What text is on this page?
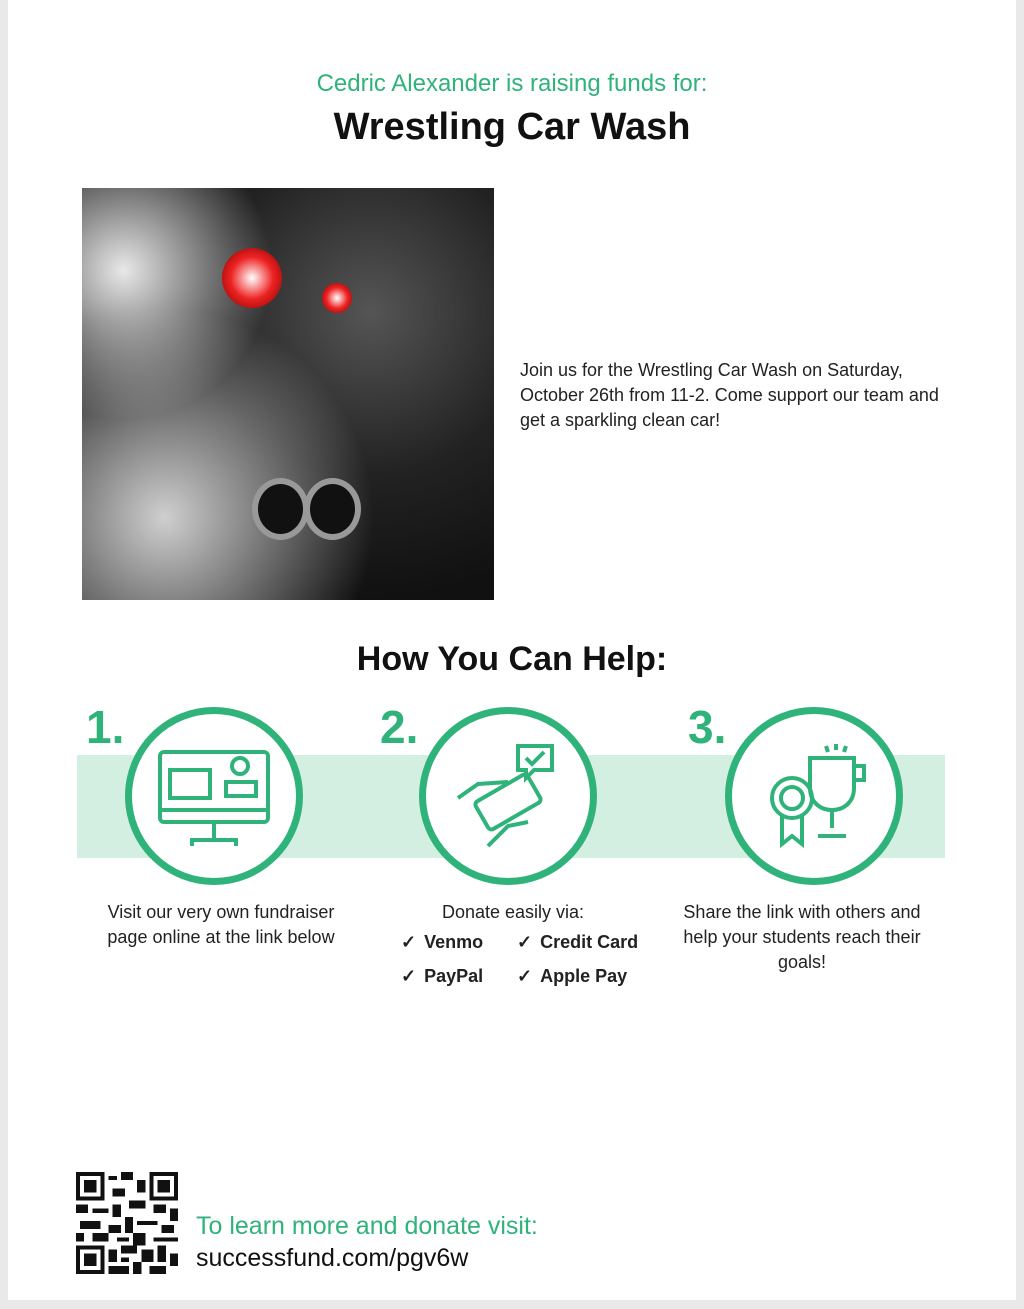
Cedric Alexander is raising funds for:
Wrestling Car Wash
Join us for the Wrestling Car Wash on Saturday, October 26th from 11-2. Come support our team and get a sparkling clean car!
How You Can Help:
1.	2.	3.
Visit our very own fundraiser page online at the link below
Donate easily via:	Share the link with others and help your students reach their goals!
✓ Venmo ✓ Credit Card
✓ PayPal ✓ Apple Pay
To learn more and donate visit:
successfund.com/pgv6w
